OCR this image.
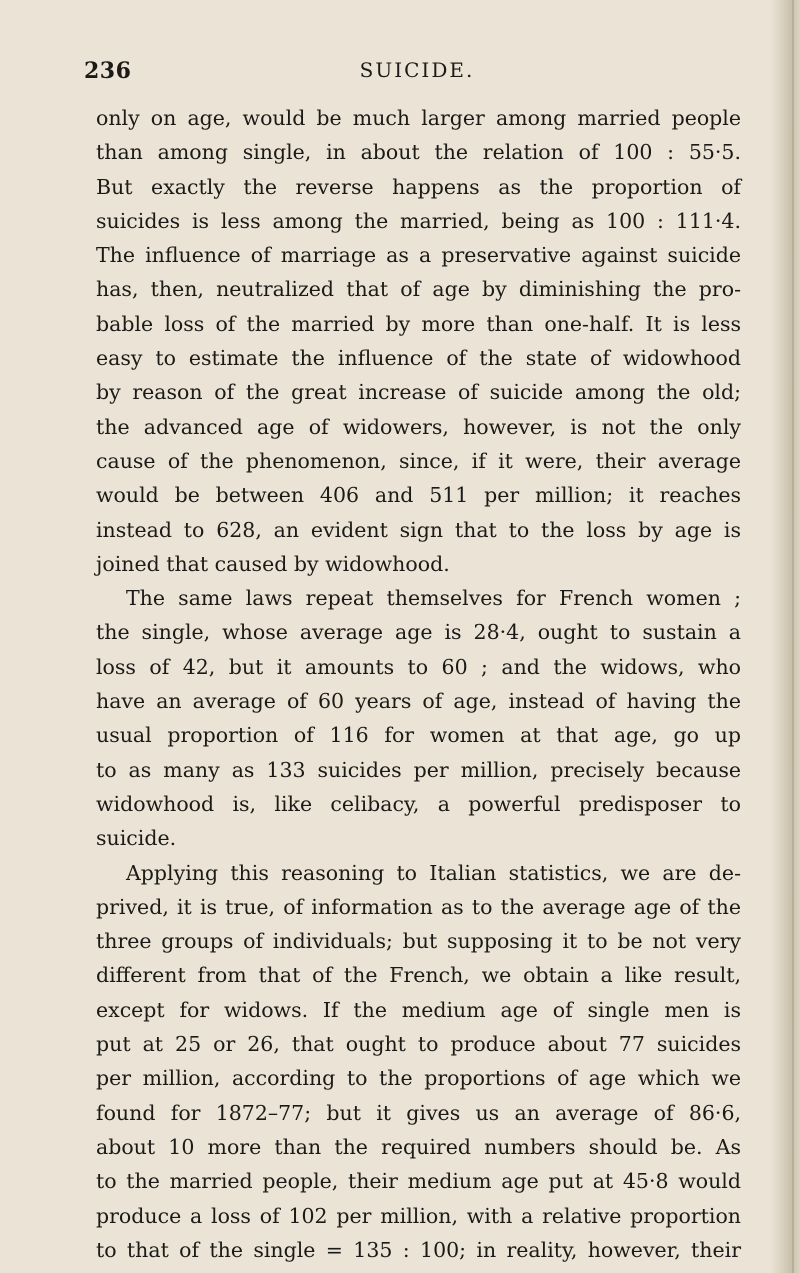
236	SUICIDE.
only on age, would be much larger among married people
than among single, in about the relation of 100 : 55·5.
But exactly the reverse happens as the proportion of
suicides is less among the married, being as 100 : 111·4.
The influence of marriage as a preservative against suicide
has, then, neutralized that of age by diminishing the pro-
bable loss of the married by more than one-half. It is less
easy to estimate the influence of the state of widowhood
by reason of the great increase of suicide among the old;
the advanced age of widowers, however, is not the only
cause of the phenomenon, since, if it were, their average
would be between 406 and 511 per million; it reaches
instead to 628, an evident sign that to the loss by age is
joined that caused by widowhood.
The same laws repeat themselves for French women ;
the single, whose average age is 28·4, ought to sustain a
loss of 42, but it amounts to 60 ; and the widows, who
have an average of 60 years of age, instead of having the
usual proportion of 116 for women at that age, go up
to as many as 133 suicides per million, precisely because
widowhood is, like celibacy, a powerful predisposer to
suicide.
Applying this reasoning to Italian statistics, we are de-
prived, it is true, of information as to the average age of the
three groups of individuals; but supposing it to be not very
different from that of the French, we obtain a like result,
except for widows. If the medium age of single men is
put at 25 or 26, that ought to produce about 77 suicides
per million, according to the proportions of age which we
found for 1872–77; but it gives us an average of 86·6,
about 10 more than the required numbers should be. As
to the married people, their medium age put at 45·8 would
produce a loss of 102 per million, with a relative proportion
to that of the single = 135 : 100; in reality, however, their
